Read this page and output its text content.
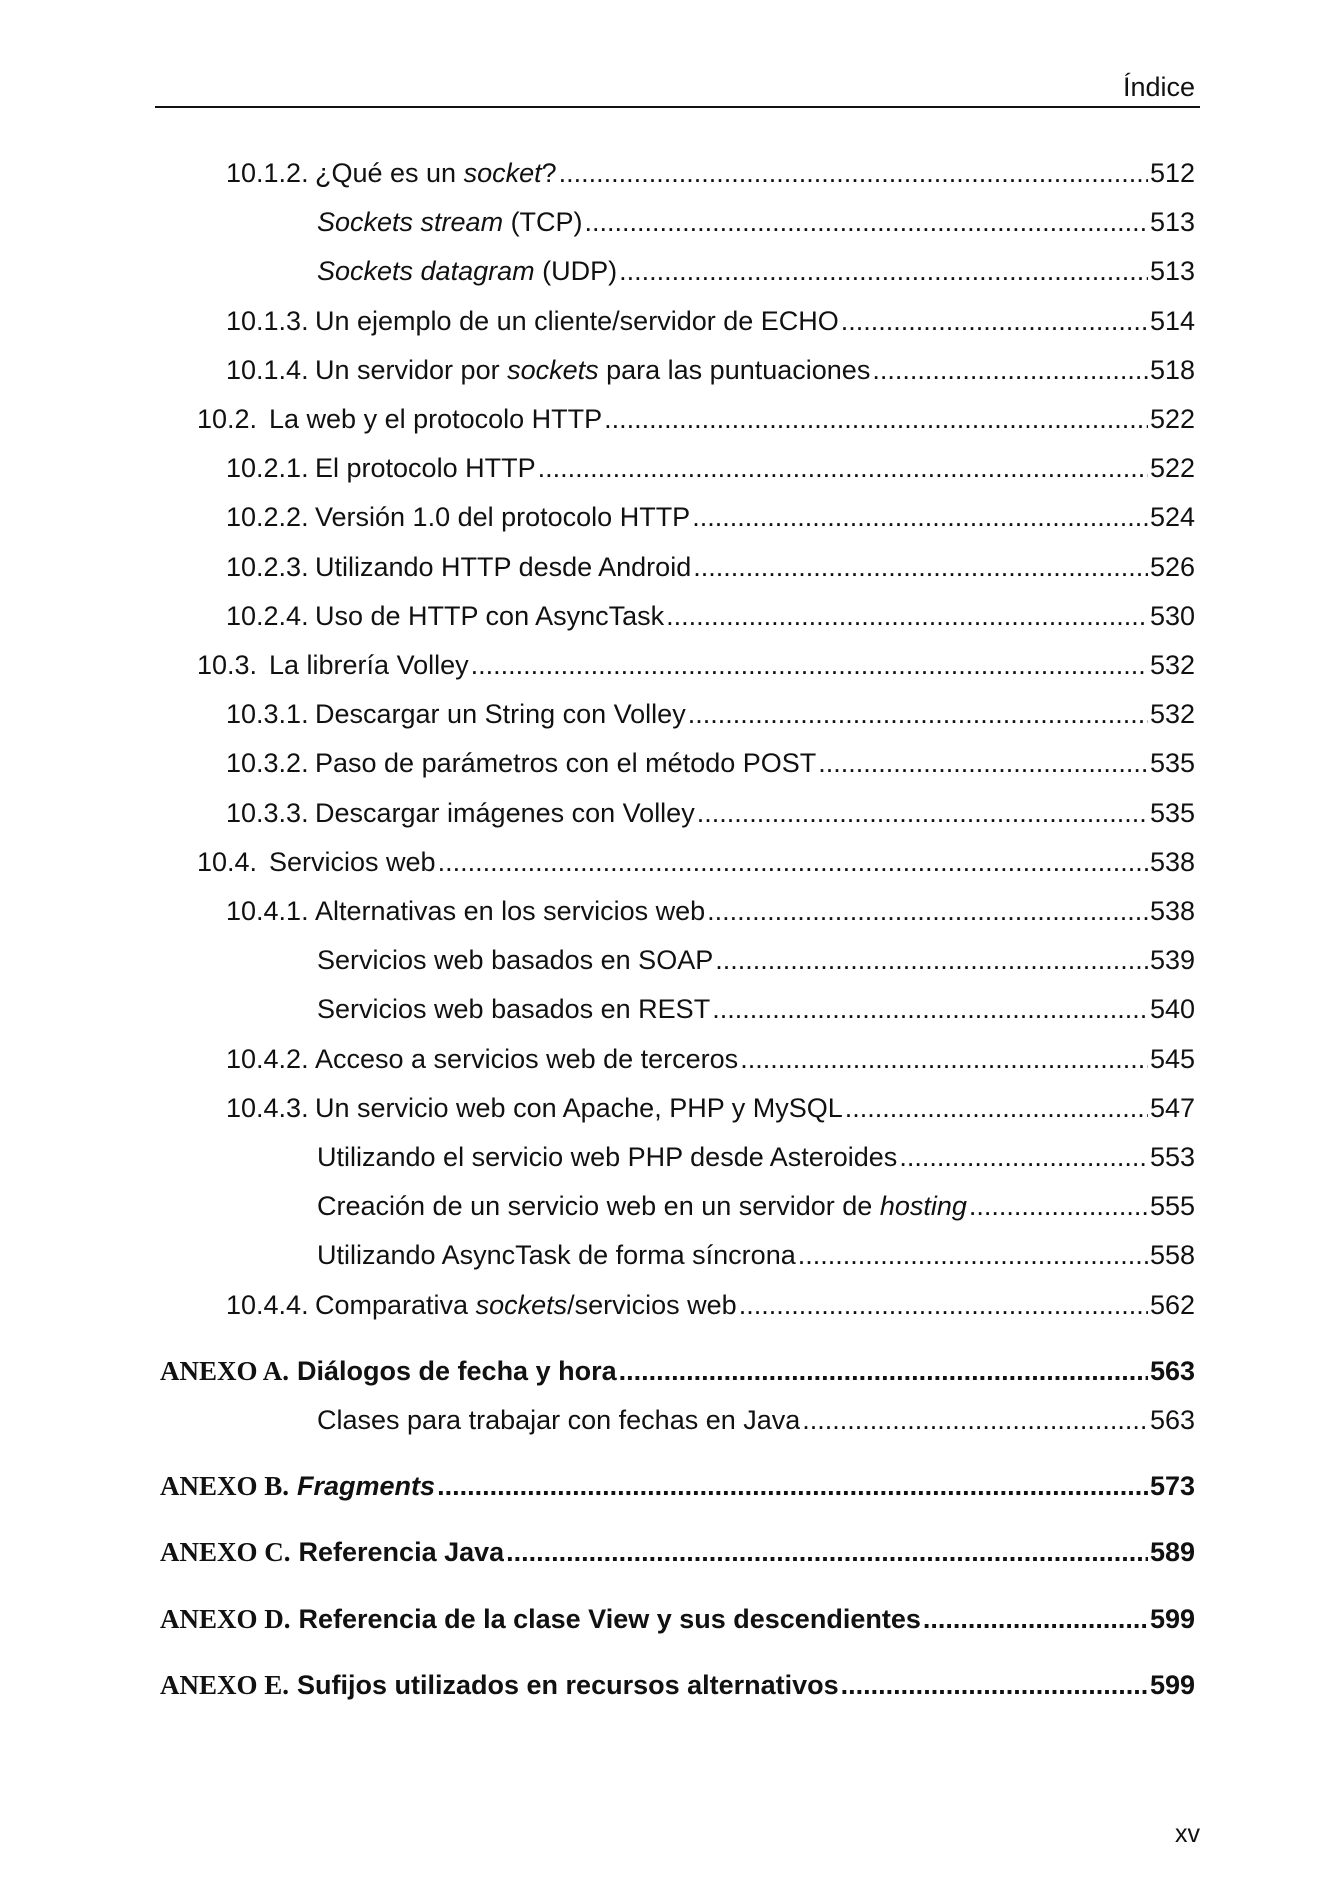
Índice
10.1.2. ¿Qué es un socket? .....	512
Sockets stream (TCP) .....	513
Sockets datagram (UDP) .....	513
10.1.3. Un ejemplo de un cliente/servidor de ECHO .....	514
10.1.4. Un servidor por sockets para las puntuaciones .....	518
10.2. La web y el protocolo HTTP .....	522
10.2.1. El protocolo HTTP .....	522
10.2.2. Versión 1.0 del protocolo HTTP .....	524
10.2.3. Utilizando HTTP desde Android .....	526
10.2.4. Uso de HTTP con AsyncTask .....	530
10.3. La librería Volley .....	532
10.3.1. Descargar un String con Volley .....	532
10.3.2. Paso de parámetros con el método POST .....	535
10.3.3. Descargar imágenes con Volley .....	535
10.4. Servicios web .....	538
10.4.1. Alternativas en los servicios web .....	538
Servicios web basados en SOAP .....	539
Servicios web basados en REST .....	540
10.4.2. Acceso a servicios web de terceros .....	545
10.4.3. Un servicio web con Apache, PHP y MySQL .....	547
Utilizando el servicio web PHP desde Asteroides .....	553
Creación de un servicio web en un servidor de hosting .....	555
Utilizando AsyncTask de forma síncrona .....	558
10.4.4. Comparativa sockets/servicios web .....	562
ANEXO A. Diálogos de fecha y hora .....	563
Clases para trabajar con fechas en Java .....	563
ANEXO B. Fragments .....	573
ANEXO C. Referencia Java .....	589
ANEXO D. Referencia de la clase View y sus descendientes .....	599
ANEXO E. Sufijos utilizados en recursos alternativos .....	599
xv
